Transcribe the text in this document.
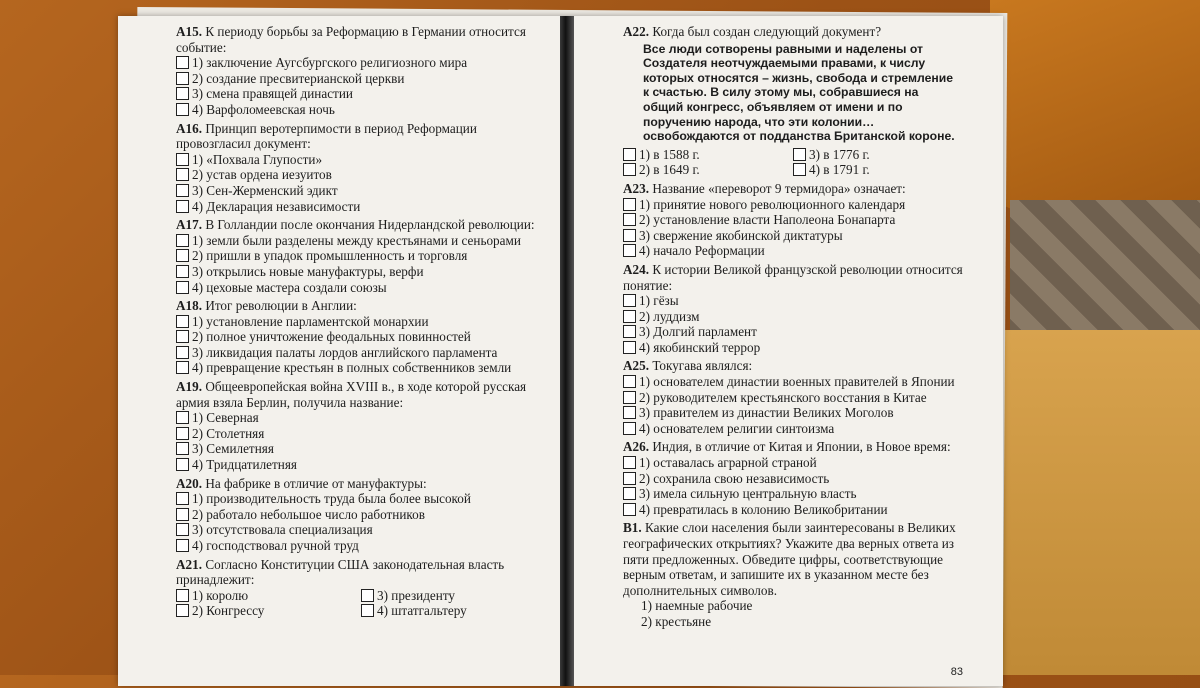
А15. К периоду борьбы за Реформацию в Германии относится событие:
1) заключение Аугсбургского религиозного мира
2) создание пресвитерианской церкви
3) смена правящей династии
4) Варфоломеевская ночь
А16. Принцип веротерпимости в период Реформации провозгласил документ:
1) «Похвала Глупости»
2) устав ордена иезуитов
3) Сен-Жерменский эдикт
4) Декларация независимости
А17. В Голландии после окончания Нидерландской революции:
1) земли были разделены между крестьянами и сеньорами
2) пришли в упадок промышленность и торговля
3) открылись новые мануфактуры, верфи
4) цеховые мастера создали союзы
А18. Итог революции в Англии:
1) установление парламентской монархии
2) полное уничтожение феодальных повинностей
3) ликвидация палаты лордов английского парламента
4) превращение крестьян в полных собственников земли
А19. Общеевропейская война XVIII в., в ходе которой русская армия взяла Берлин, получила название:
1) Северная
2) Столетняя
3) Семилетняя
4) Тридцатилетняя
А20. На фабрике в отличие от мануфактуры:
1) производительность труда была более высокой
2) работало небольшое число работников
3) отсутствовала специализация
4) господствовал ручной труд
А21. Согласно Конституции США законодательная власть принадлежит:
1) королю
2) Конгрессу
3) президенту
4) штатгальтеру
А22. Когда был создан следующий документ?
Все люди сотворены равными и наделены от Создателя неотчуждаемыми правами, к числу которых относятся – жизнь, свобода и стремление к счастью. В силу этому мы, собравшиеся на общий конгресс, объявляем от имени и по поручению народа, что эти колонии… освобождаются от подданства Британской короне.
1) в 1588 г.
2) в 1649 г.
3) в 1776 г.
4) в 1791 г.
А23. Название «переворот 9 термидора» означает:
1) принятие нового революционного календаря
2) установление власти Наполеона Бонапарта
3) свержение якобинской диктатуры
4) начало Реформации
А24. К истории Великой французской революции относится понятие:
1) гёзы
2) луддизм
3) Долгий парламент
4) якобинский террор
А25. Токугава являлся:
1) основателем династии военных правителей в Японии
2) руководителем крестьянского восстания в Китае
3) правителем из династии Великих Моголов
4) основателем религии синтоизма
А26. Индия, в отличие от Китая и Японии, в Новое время:
1) оставалась аграрной страной
2) сохранила свою независимость
3) имела сильную центральную власть
4) превратилась в колонию Великобритании
В1. Какие слои населения были заинтересованы в Великих географических открытиях? Укажите два верных ответа из пяти предложенных. Обведите цифры, соответствующие верным ответам, и запишите их в указанном месте без дополнительных символов.
1) наемные рабочие
2) крестьяне
83
